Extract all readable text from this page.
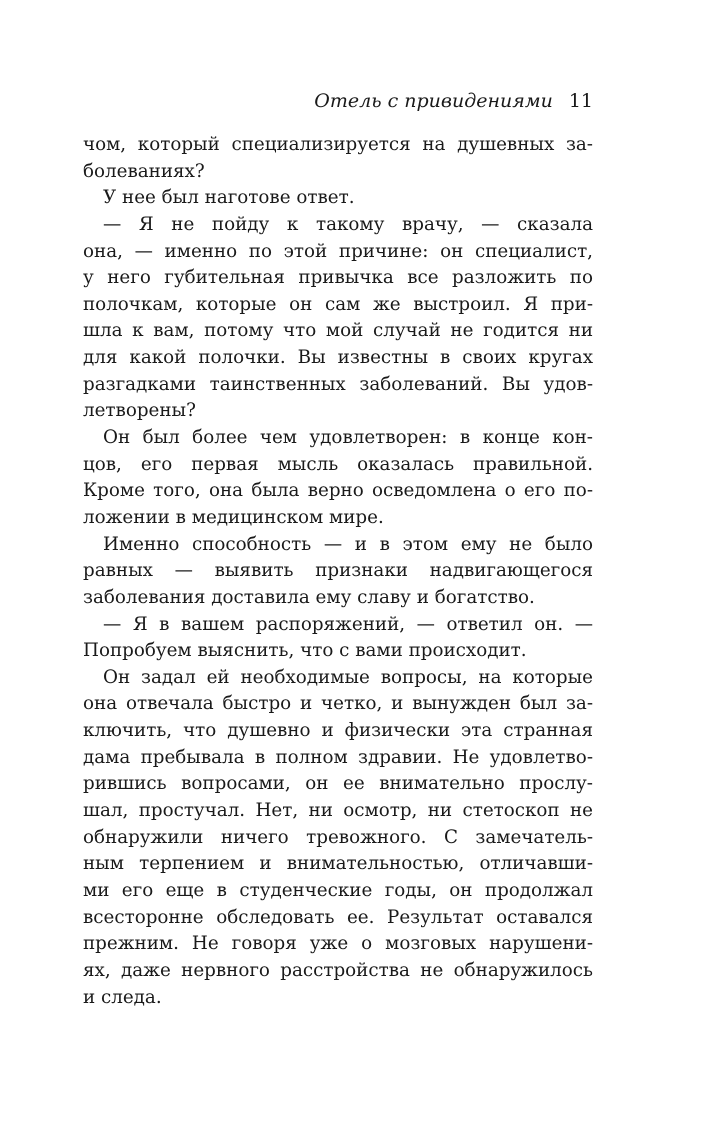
Отель с привидениями 11
чом, который специализируется на душевных за-
болеваниях?
У нее был наготове ответ.
— Я не пойду к такому врачу, — сказала
она, — именно по этой причине: он специалист,
у него губительная привычка все разложить по
полочкам, которые он сам же выстроил. Я при-
шла к вам, потому что мой случай не годится ни
для какой полочки. Вы известны в своих кругах
разгадками таинственных заболеваний. Вы удов-
летворены?
Он был более чем удовлетворен: в конце кон-
цов, его первая мысль оказалась правильной.
Кроме того, она была верно осведомлена о его по-
ложении в медицинском мире.
Именно способность — и в этом ему не было
равных — выявить признаки надвигающегося
заболевания доставила ему славу и богатство.
— Я в вашем распоряжений, — ответил он. —
Попробуем выяснить, что с вами происходит.
Он задал ей необходимые вопросы, на которые
она отвечала быстро и четко, и вынужден был за-
ключить, что душевно и физически эта странная
дама пребывала в полном здравии. Не удовлетво-
рившись вопросами, он ее внимательно прослу-
шал, простучал. Нет, ни осмотр, ни стетоскоп не
обнаружили ничего тревожного. С замечатель-
ным терпением и внимательностью, отличавши-
ми его еще в студенческие годы, он продолжал
всесторонне обследовать ее. Результат оставался
прежним. Не говоря уже о мозговых нарушени-
ях, даже нервного расстройства не обнаружилось
и следа.
